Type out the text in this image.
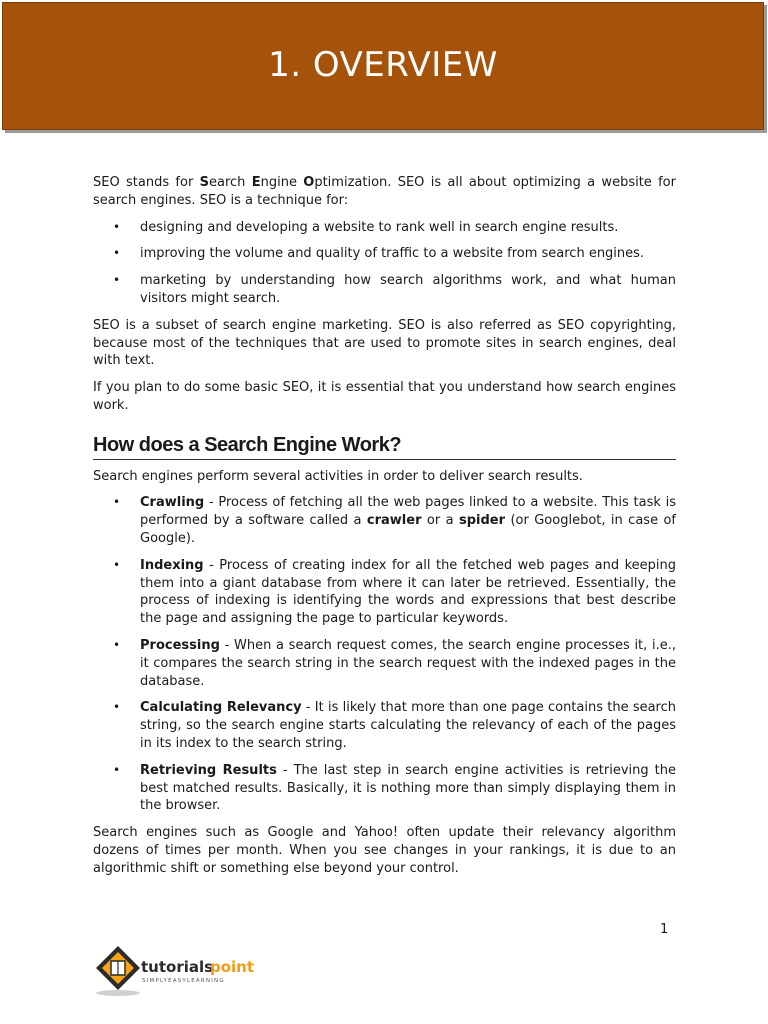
1. OVERVIEW

SEO stands for Search Engine Optimization. SEO is all about optimizing a website for search engines. SEO is a technique for:

• designing and developing a website to rank well in search engine results.
• improving the volume and quality of traffic to a website from search engines.
• marketing by understanding how search algorithms work, and what human visitors might search.

SEO is a subset of search engine marketing. SEO is also referred as SEO copyrighting, because most of the techniques that are used to promote sites in search engines, deal with text.

If you plan to do some basic SEO, it is essential that you understand how search engines work.

How does a Search Engine Work?

Search engines perform several activities in order to deliver search results.

• Crawling - Process of fetching all the web pages linked to a website. This task is performed by a software called a crawler or a spider (or Googlebot, in case of Google).
• Indexing - Process of creating index for all the fetched web pages and keeping them into a giant database from where it can later be retrieved. Essentially, the process of indexing is identifying the words and expressions that best describe the page and assigning the page to particular keywords.
• Processing - When a search request comes, the search engine processes it, i.e., it compares the search string in the search request with the indexed pages in the database.
• Calculating Relevancy - It is likely that more than one page contains the search string, so the search engine starts calculating the relevancy of each of the pages in its index to the search string.
• Retrieving Results - The last step in search engine activities is retrieving the best matched results. Basically, it is nothing more than simply displaying them in the browser.

Search engines such as Google and Yahoo! often update their relevancy algorithm dozens of times per month. When you see changes in your rankings, it is due to an algorithmic shift or something else beyond your control.

1
tutorials
point
SIMPLYEASYLEARNING
